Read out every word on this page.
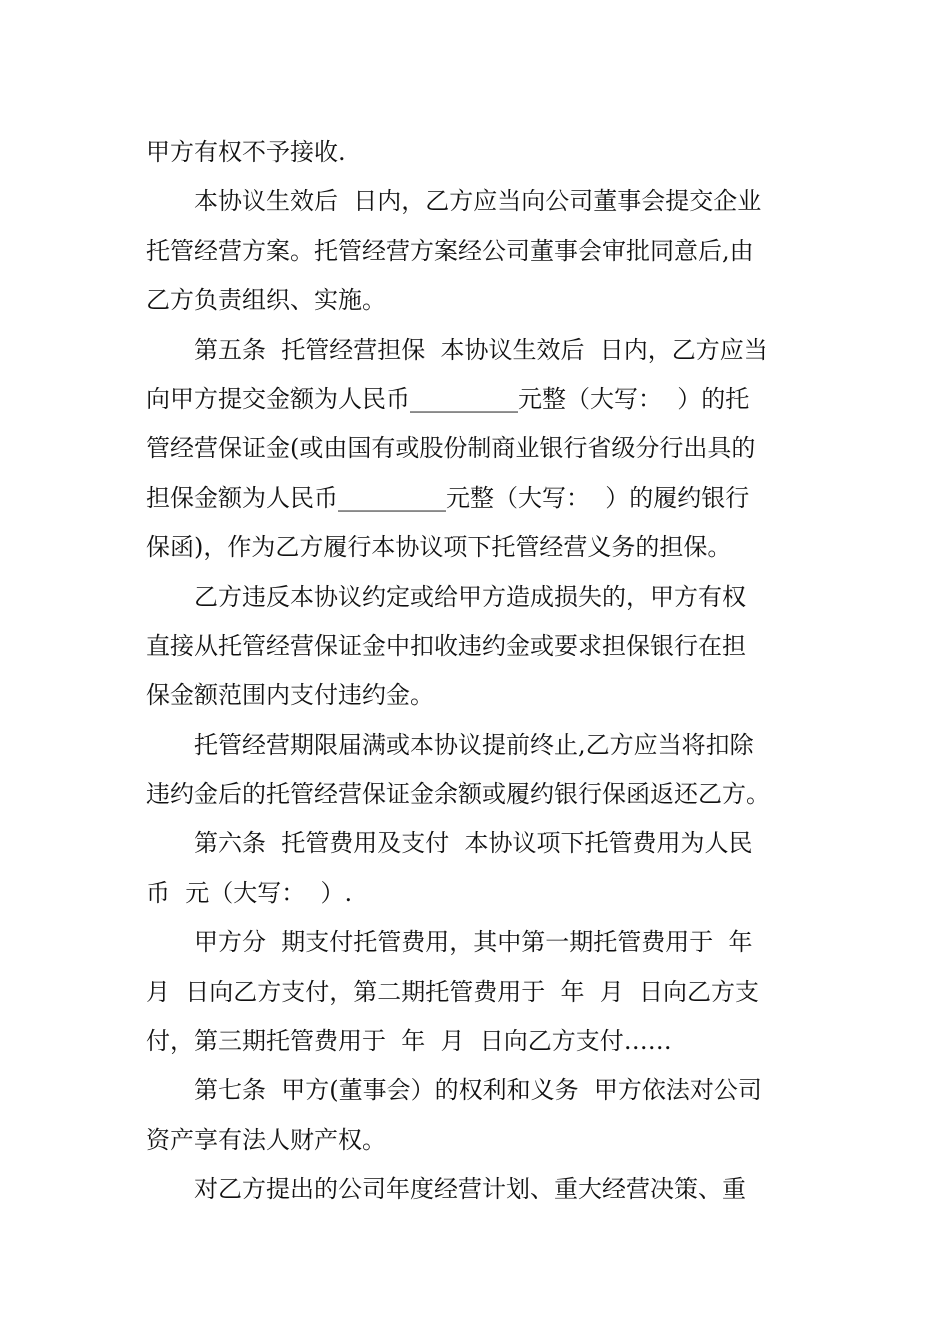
甲方有权不予接收.
本协议生效后  日内，乙方应当向公司董事会提交企业
托管经营方案。托管经营方案经公司董事会审批同意后,由
乙方负责组织、实施。
第五条  托管经营担保  本协议生效后  日内，乙方应当
向甲方提交金额为人民币_________元整（大写：  ）的托
管经营保证金(或由国有或股份制商业银行省级分行出具的
担保金额为人民币_________元整（大写：  ）的履约银行
保函)，作为乙方履行本协议项下托管经营义务的担保。
乙方违反本协议约定或给甲方造成损失的，甲方有权
直接从托管经营保证金中扣收违约金或要求担保银行在担
保金额范围内支付违约金。
托管经营期限届满或本协议提前终止,乙方应当将扣除
违约金后的托管经营保证金余额或履约银行保函返还乙方。
第六条  托管费用及支付  本协议项下托管费用为人民
币  元（大写：  ）.
甲方分  期支付托管费用，其中第一期托管费用于  年
月  日向乙方支付，第二期托管费用于  年  月  日向乙方支
付，第三期托管费用于  年  月  日向乙方支付……
第七条  甲方(董事会）的权利和义务  甲方依法对公司
资产享有法人财产权。
对乙方提出的公司年度经营计划、重大经营决策、重
